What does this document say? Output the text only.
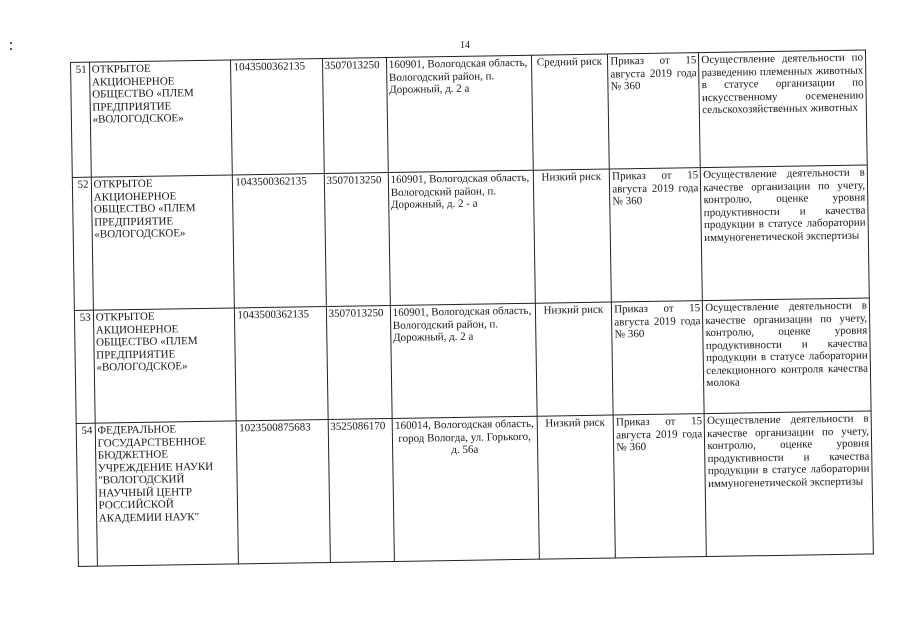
14
51	ОТКРЫТОЕ АКЦИОНЕРНОЕ ОБЩЕСТВО «ПЛЕМ ПРЕДПРИЯТИЕ «ВОЛОГОДСКОЕ»	1043500362135	3507013250	160901, Вологодская область, Вологодский район, п. Дорожный, д. 2 а	Средний риск	Приказ от 15 августа 2019 года № 360	Осуществление деятельности по разведению племенных животных в статусе организации по искусственному осеменению сельскохозяйственных животных
52	ОТКРЫТОЕ АКЦИОНЕРНОЕ ОБЩЕСТВО «ПЛЕМ ПРЕДПРИЯТИЕ «ВОЛОГОДСКОЕ»	1043500362135	3507013250	160901, Вологодская область, Вологодский район, п. Дорожный, д. 2 - а	Низкий риск	Приказ от 15 августа 2019 года № 360	Осуществление деятельности в качестве организации по учету, контролю, оценке уровня продуктивности и качества продукции в статусе лаборатории иммуногенетической экспертизы
53	ОТКРЫТОЕ АКЦИОНЕРНОЕ ОБЩЕСТВО «ПЛЕМ ПРЕДПРИЯТИЕ «ВОЛОГОДСКОЕ»	1043500362135	3507013250	160901, Вологодская область, Вологодский район, п. Дорожный, д. 2 а	Низкий риск	Приказ от 15 августа 2019 года № 360	Осуществление деятельности в качестве организации по учету, контролю, оценке уровня продуктивности и качества продукции в статусе лаборатории селекционного контроля качества молока
54	ФЕДЕРАЛЬНОЕ ГОСУДАРСТВЕННОЕ БЮДЖЕТНОЕ УЧРЕЖДЕНИЕ НАУКИ "ВОЛОГОДСКИЙ НАУЧНЫЙ ЦЕНТР РОССИЙСКОЙ АКАДЕМИИ НАУК"	1023500875683	3525086170	160014, Вологодская область, город Вологда, ул. Горького, д. 56а	Низкий риск	Приказ от 15 августа 2019 года № 360	Осуществление деятельности в качестве организации по учету, контролю, оценке уровня продуктивности и качества продукции в статусе лаборатории иммуногенетической экспертизы
